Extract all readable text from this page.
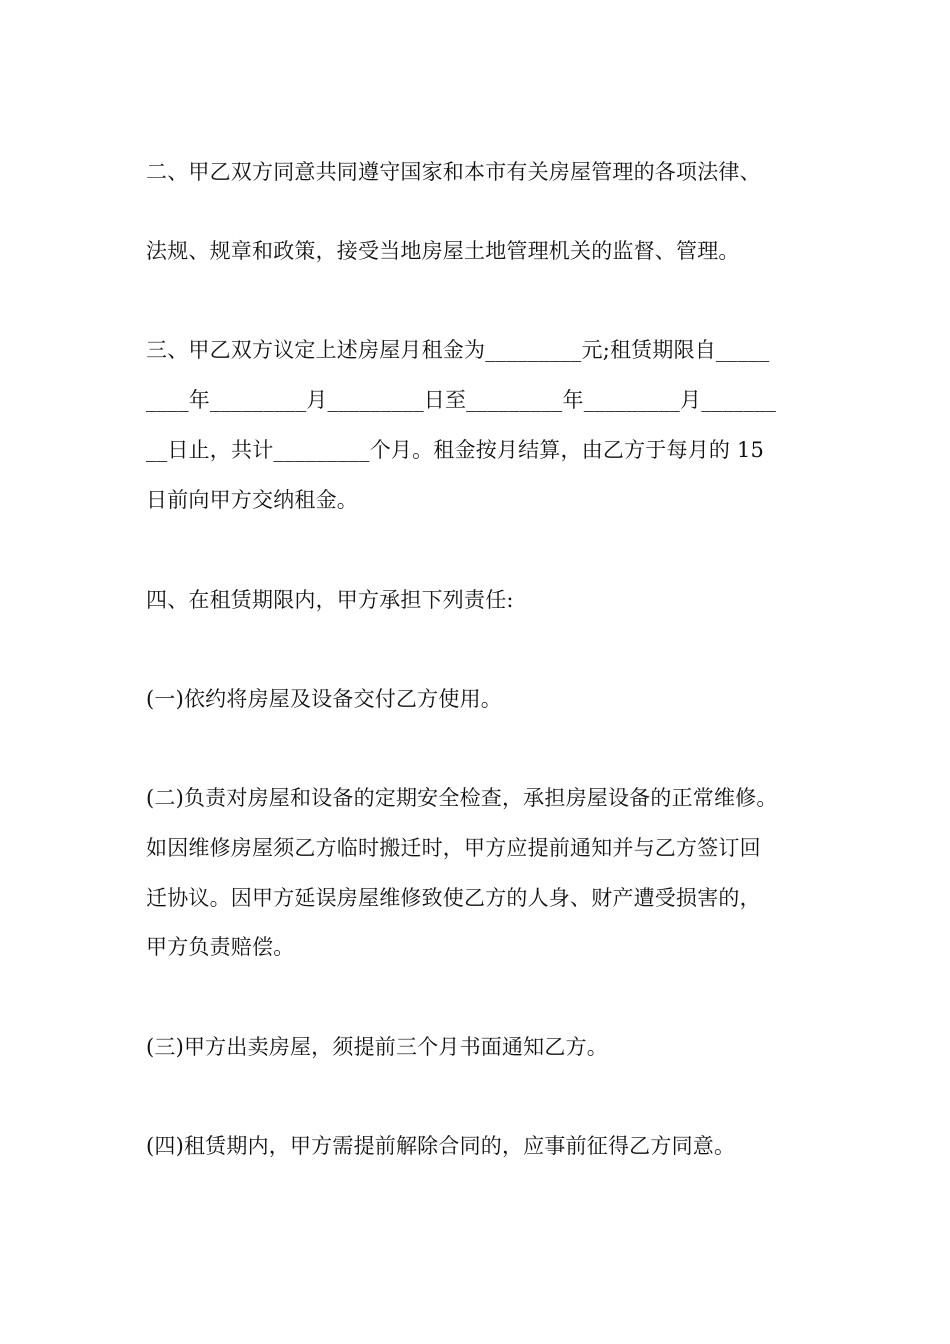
二、甲乙双方同意共同遵守国家和本市有关房屋管理的各项法律、
法规、规章和政策，接受当地房屋土地管理机关的监督、管理。
三、甲乙双方议定上述房屋月租金为_________元;租赁期限自_____
____年_________月_________日至_________年_________月_______
__日止，共计_________个月。租金按月结算，由乙方于每月的 15
日前向甲方交纳租金。
四、在租赁期限内，甲方承担下列责任:
(一)依约将房屋及设备交付乙方使用。
(二)负责对房屋和设备的定期安全检查，承担房屋设备的正常维修。
如因维修房屋须乙方临时搬迁时，甲方应提前通知并与乙方签订回
迁协议。因甲方延误房屋维修致使乙方的人身、财产遭受损害的，
甲方负责赔偿。
(三)甲方出卖房屋，须提前三个月书面通知乙方。
(四)租赁期内，甲方需提前解除合同的，应事前征得乙方同意。
